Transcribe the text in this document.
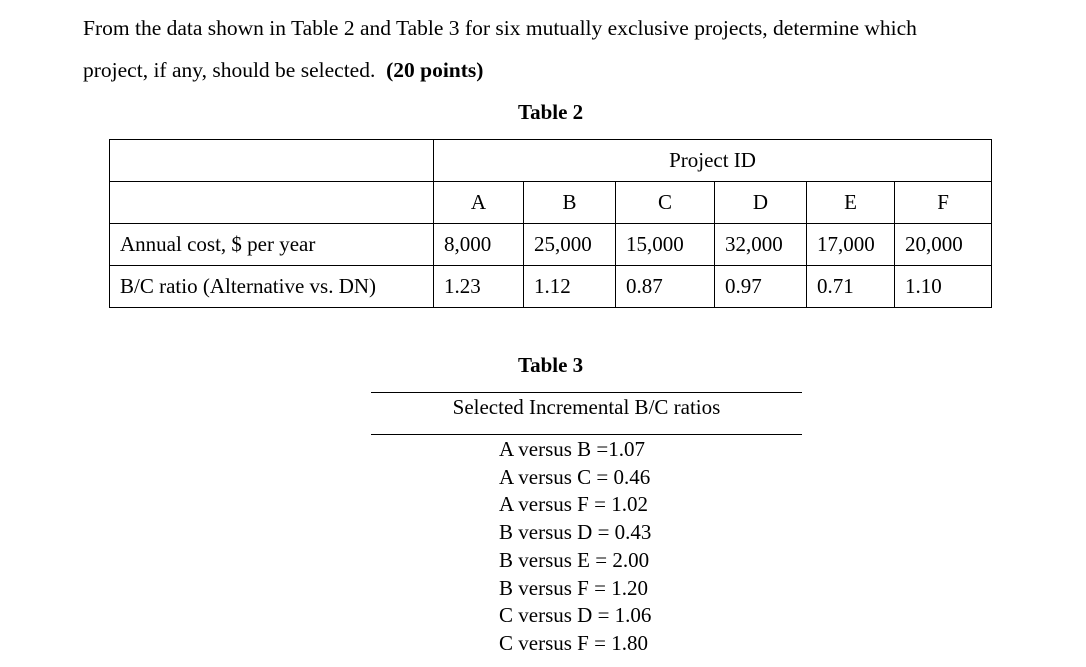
From the data shown in Table 2 and Table 3 for six mutually exclusive projects, determine which
project, if any, should be selected. (20 points)
Table 2
	Project ID					
	A	B	C	D	E	F
Annual cost, $ per year	8,000	25,000	15,000	32,000	17,000	20,000
B/C ratio (Alternative vs. DN)	1.23	1.12	0.87	0.97	0.71	1.10
Table 3
Selected Incremental B/C ratios
A versus B =1.07
A versus C = 0.46
A versus F = 1.02
B versus D = 0.43
B versus E = 2.00
B versus F = 1.20
C versus D = 1.06
C versus F = 1.80
